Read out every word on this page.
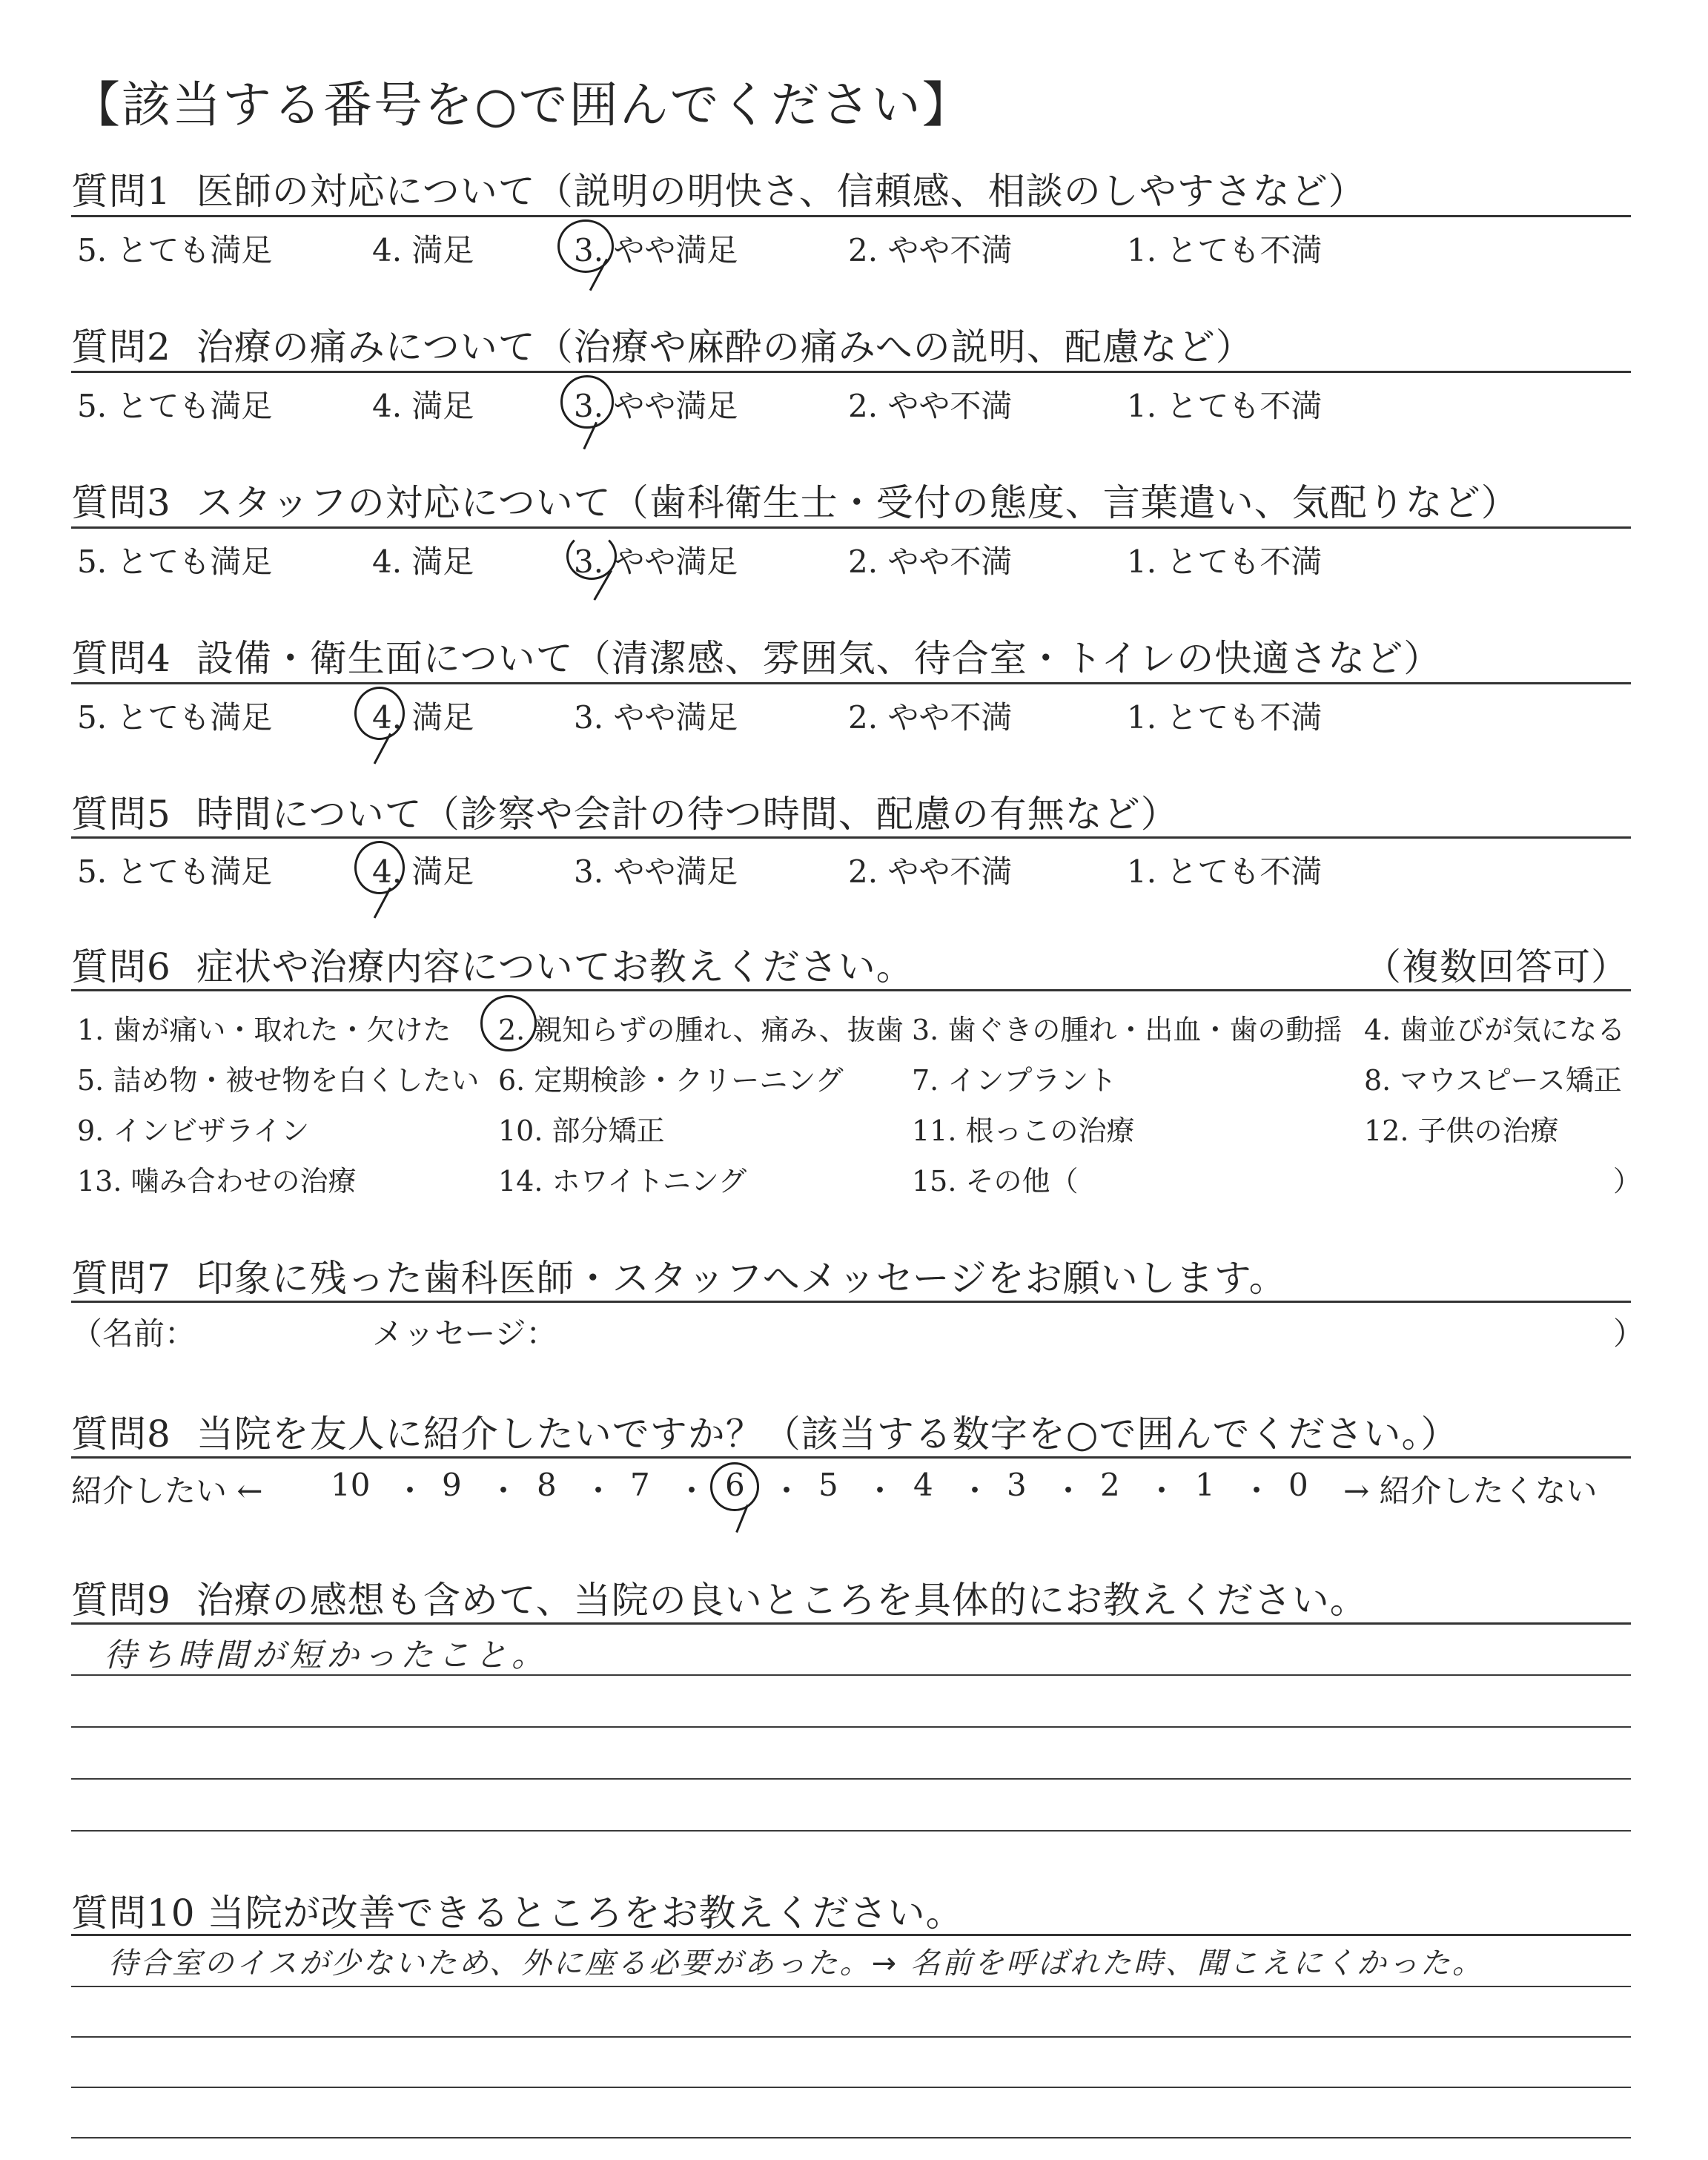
【該当する番号を○で囲んでください】
質問1 医師の対応について（説明の明快さ、信頼感、相談のしやすさなど）
5. とても満足	4. 満足	3. やや満足	2. やや不満	1. とても不満
質問2 治療の痛みについて（治療や麻酔の痛みへの説明、配慮など）
5. とても満足	4. 満足	3. やや満足	2. やや不満	1. とても不満
質問3 スタッフの対応について（歯科衛生士・受付の態度、言葉遣い、気配りなど）
5. とても満足	4. 満足	3. やや満足	2. やや不満	1. とても不満
質問4 設備・衛生面について（清潔感、雰囲気、待合室・トイレの快適さなど）
5. とても満足	4. 満足	3. やや満足	2. やや不満	1. とても不満
質問5 時間について（診察や会計の待つ時間、配慮の有無など）
5. とても満足	4. 満足	3. やや満足	2. やや不満	1. とても不満
質問6 症状や治療内容についてお教えください。	（複数回答可）
1. 歯が痛い・取れた・欠けた 2. 親知らずの腫れ、痛み、抜歯 3. 歯ぐきの腫れ・出血・歯の動揺 4. 歯並びが気になる
5. 詰め物・被せ物を白くしたい 6. 定期検診・クリーニング 7. インプラント	8. マウスピース矯正
9. インビザライン	10. 部分矯正	11. 根っこの治療	12. 子供の治療
13. 噛み合わせの治療	14. ホワイトニング	15. その他（	）
質問7 印象に残った歯科医師・スタッフへメッセージをお願いします。
（名前：	メッセージ：	）
質問8 当院を友人に紹介したいですか？（該当する数字を○で囲んでください。）
紹介したい ←	→ 紹介したくない
10 ・ 9 ・ 8 ・ 7 ・ 6 ・ 5 ・ 4 ・ 3 ・ 2 ・ 1 ・ 0
質問9 治療の感想も含めて、当院の良いところを具体的にお教えください。
待ち時間が短かったこと。
質問10 当院が改善できるところをお教えください。
待合室のイスが少ないため、外に座る必要があった。→ 名前を呼ばれた時、聞こえにくかった。
